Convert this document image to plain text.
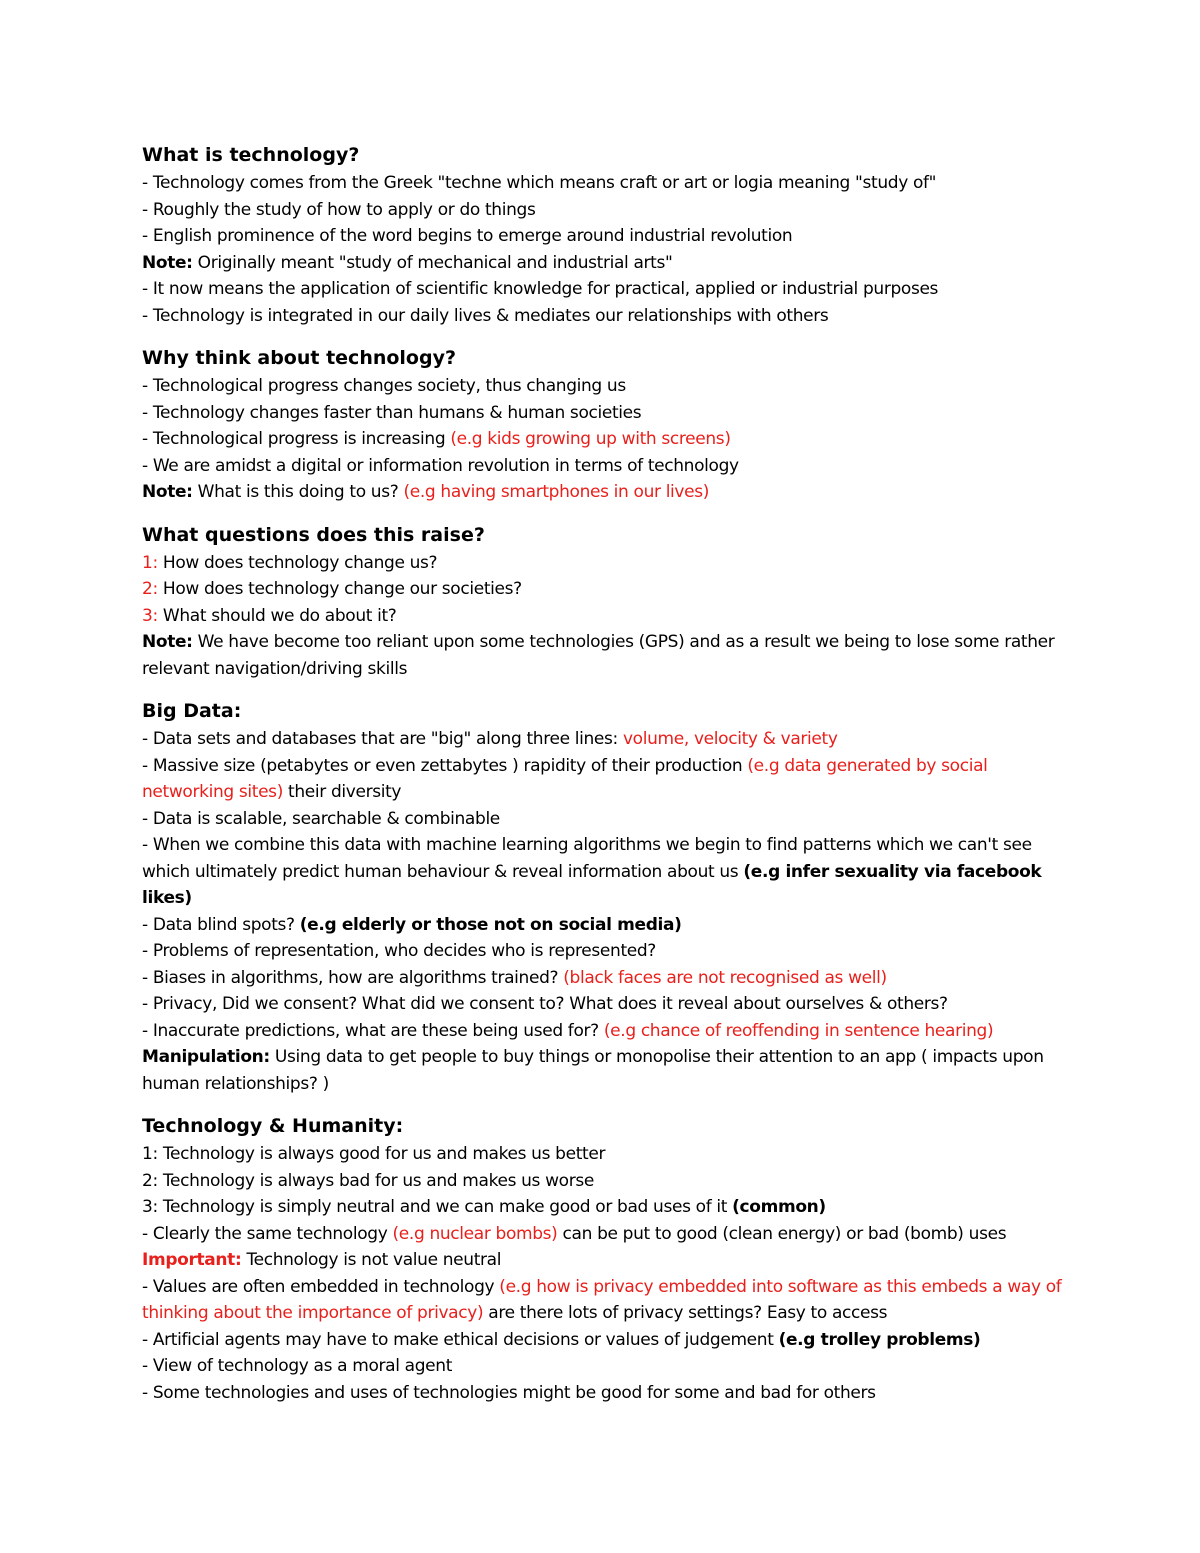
What is technology?
- Technology comes from the Greek "techne which means craft or art or logia meaning "study of"
- Roughly the study of how to apply or do things
- English prominence of the word begins to emerge around industrial revolution
Note: Originally meant "study of mechanical and industrial arts"
- It now means the application of scientific knowledge for practical, applied or industrial purposes
- Technology is integrated in our daily lives & mediates our relationships with others
Why think about technology?
- Technological progress changes society, thus changing us
- Technology changes faster than humans & human societies
- Technological progress is increasing (e.g kids growing up with screens)
- We are amidst a digital or information revolution in terms of technology
Note: What is this doing to us? (e.g having smartphones in our lives)
What questions does this raise?
1: How does technology change us?
2: How does technology change our societies?
3: What should we do about it?
Note: We have become too reliant upon some technologies (GPS) and as a result we being to lose some rather relevant navigation/driving skills
Big Data:
- Data sets and databases that are "big" along three lines: volume, velocity & variety
- Massive size (petabytes or even zettabytes ) rapidity of their production (e.g data generated by social networking sites) their diversity
- Data is scalable, searchable & combinable
- When we combine this data with machine learning algorithms we begin to find patterns which we can't see which ultimately predict human behaviour & reveal information about us (e.g infer sexuality via facebook likes)
- Data blind spots? (e.g elderly or those not on social media)
- Problems of representation, who decides who is represented?
- Biases in algorithms, how are algorithms trained? (black faces are not recognised as well)
- Privacy, Did we consent? What did we consent to? What does it reveal about ourselves & others?
- Inaccurate predictions, what are these being used for? (e.g chance of reoffending in sentence hearing)
Manipulation: Using data to get people to buy things or monopolise their attention to an app ( impacts upon human relationships? )
Technology & Humanity:
1: Technology is always good for us and makes us better
2: Technology is always bad for us and makes us worse
3: Technology is simply neutral and we can make good or bad uses of it (common)
- Clearly the same technology (e.g nuclear bombs) can be put to good (clean energy) or bad (bomb) uses
Important: Technology is not value neutral
- Values are often embedded in technology (e.g how is privacy embedded into software as this embeds a way of thinking about the importance of privacy) are there lots of privacy settings? Easy to access
- Artificial agents may have to make ethical decisions or values of judgement (e.g trolley problems)
- View of technology as a moral agent
- Some technologies and uses of technologies might be good for some and bad for others
